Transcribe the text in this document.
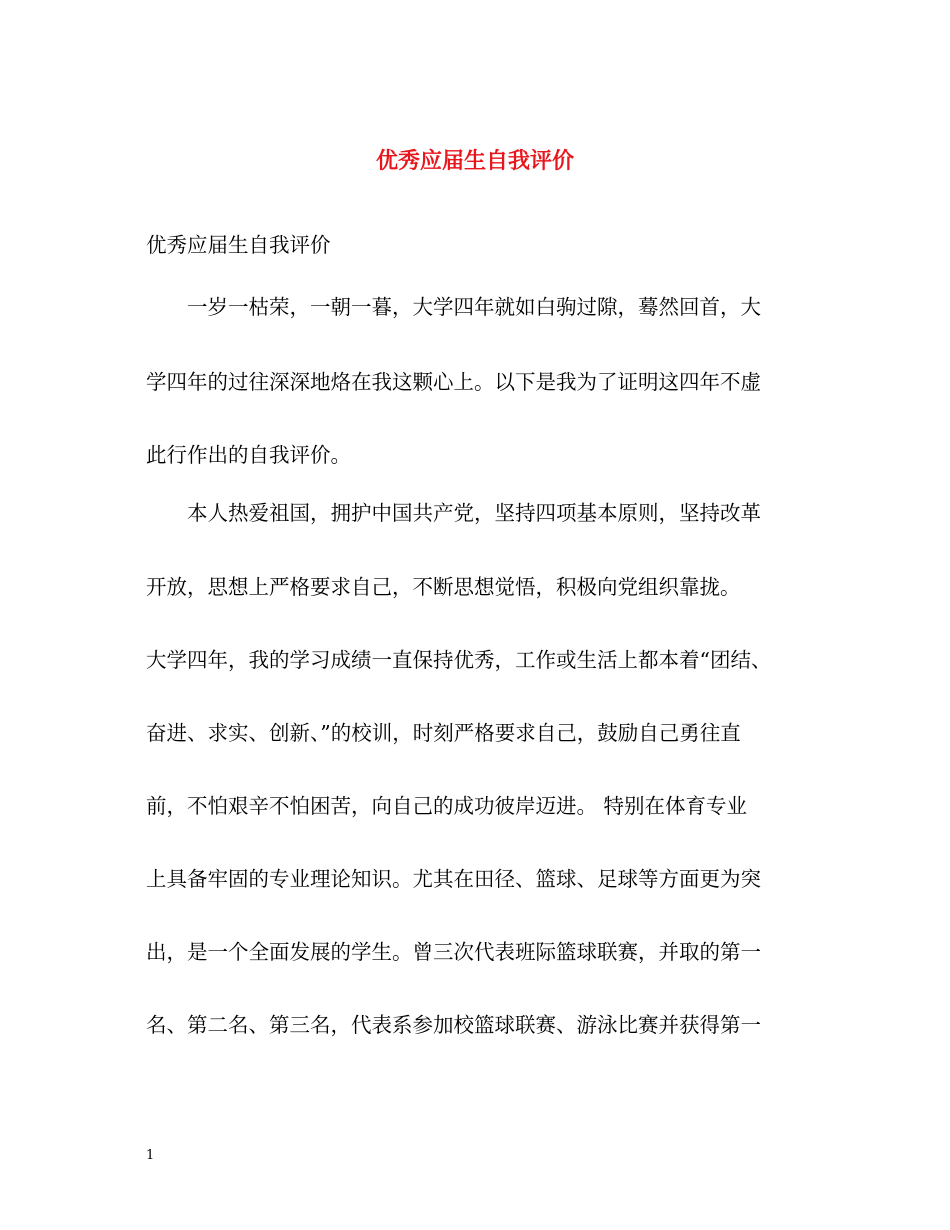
优秀应届生自我评价
优秀应届生自我评价
　　一岁一枯荣，一朝一暮，大学四年就如白驹过隙，蓦然回首，大
学四年的过往深深地烙在我这颗心上。以下是我为了证明这四年不虚
此行作出的自我评价。
　　本人热爱祖国，拥护中国共产党，坚持四项基本原则，坚持改革
开放，思想上严格要求自己，不断思想觉悟，积极向党组织靠拢。
大学四年，我的学习成绩一直保持优秀，工作或生活上都本着“团结、
奋进、求实、创新、”的校训，时刻严格要求自己，鼓励自己勇往直
前，不怕艰辛不怕困苦，向自己的成功彼岸迈进。 特别在体育专业
上具备牢固的专业理论知识。尤其在田径、篮球、足球等方面更为突
出，是一个全面发展的学生。曾三次代表班际篮球联赛，并取的第一
名、第二名、第三名，代表系参加校篮球联赛、游泳比赛并获得第一
1
